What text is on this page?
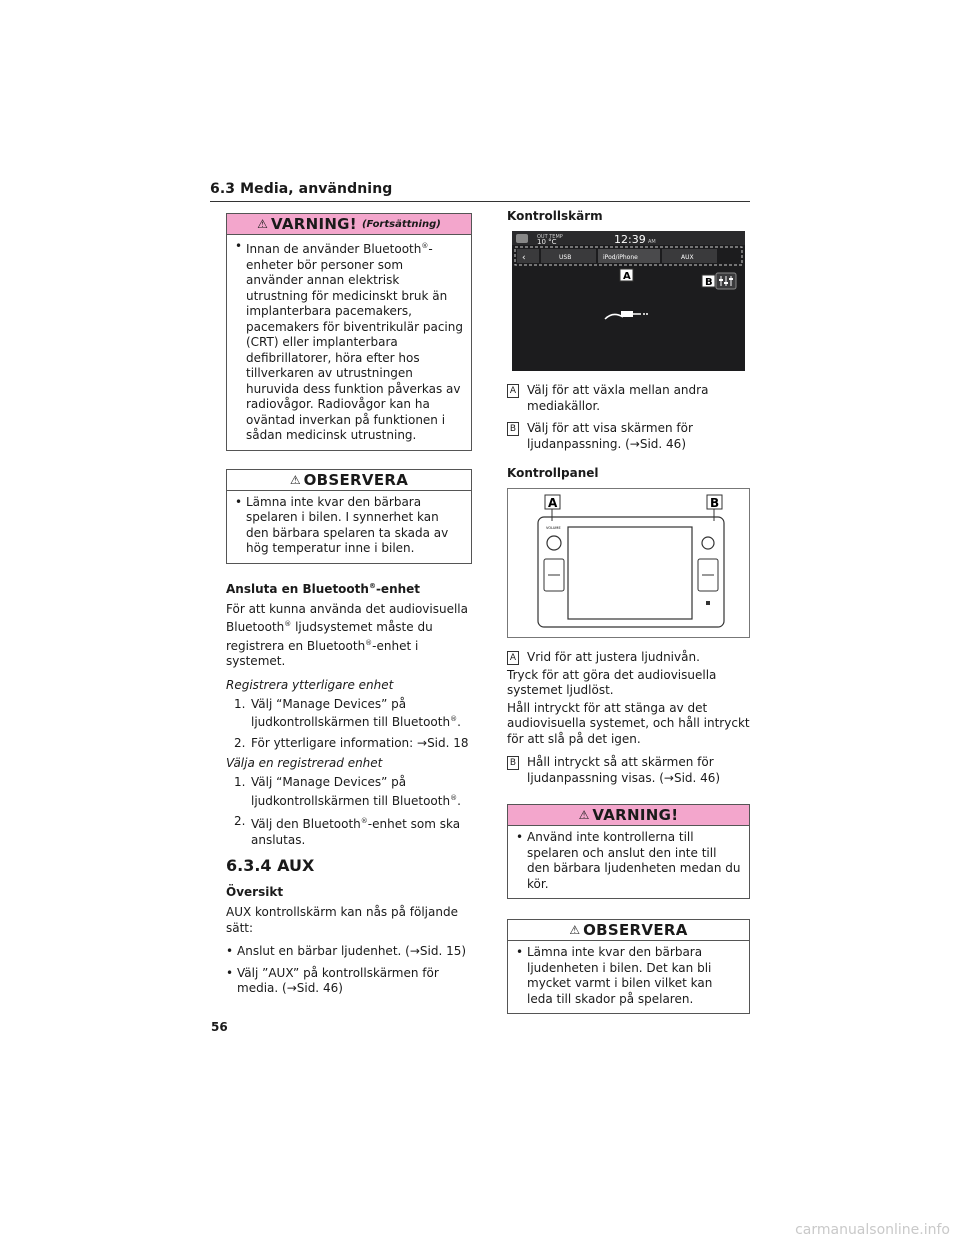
6.3 Media, användning
⚠ VARNING! (Fortsättning)
• Innan de använder Bluetooth®-enheter bör personer som använder annan elektrisk utrustning för medicinskt bruk än implanterbara pacemakers, pacemakers för biventrikulär pacing (CRT) eller implanterbara defibrillatorer, höra efter hos tillverkaren av utrustningen huruvida dess funktion påverkas av radiovågor. Radiovågor kan ha oväntad inverkan på funktionen i sådan medicinsk utrustning.
⚠ OBSERVERA
• Lämna inte kvar den bärbara spelaren i bilen. I synnerhet kan den bärbara spelaren ta skada av hög temperatur inne i bilen.
Ansluta en Bluetooth®-enhet
För att kunna använda det audiovisuella Bluetooth® ljudsystemet måste du registrera en Bluetooth®-enhet i systemet.
Registrera ytterligare enhet
1. Välj “Manage Devices” på ljudkontrollskärmen till Bluetooth®.
2. För ytterligare information: →Sid. 18
Välja en registrerad enhet
1. Välj “Manage Devices” på ljudkontrollskärmen till Bluetooth®.
2. Välj den Bluetooth®-enhet som ska anslutas.
6.3.4 AUX
Översikt
AUX kontrollskärm kan nås på följande sätt:
• Anslut en bärbar ljudenhet. (→Sid. 15)
• Välj ”AUX” på kontrollskärmen för media. (→Sid. 46)
Kontrollskärm
OUT TEMP
10 °C	12:39 AM
‹	USB	iPod/iPhone	AUX
A
B
A Välj för att växla mellan andra mediakällor.
B Välj för att visa skärmen för ljudanpassning. (→Sid. 46)
Kontrollpanel
A	B
VOLUME
A Vrid för att justera ljudnivån.
Tryck för att göra det audiovisuella systemet ljudlöst.
Håll intryckt för att stänga av det audiovisuella systemet, och håll intryckt för att slå på det igen.
B Håll intryckt så att skärmen för ljudanpassning visas. (→Sid. 46)
⚠ VARNING!
• Använd inte kontrollerna till spelaren och anslut den inte till den bärbara ljudenheten medan du kör.
⚠ OBSERVERA
• Lämna inte kvar den bärbara ljudenheten i bilen. Det kan bli mycket varmt i bilen vilket kan leda till skador på spelaren.
56
carmanualsonline.info
